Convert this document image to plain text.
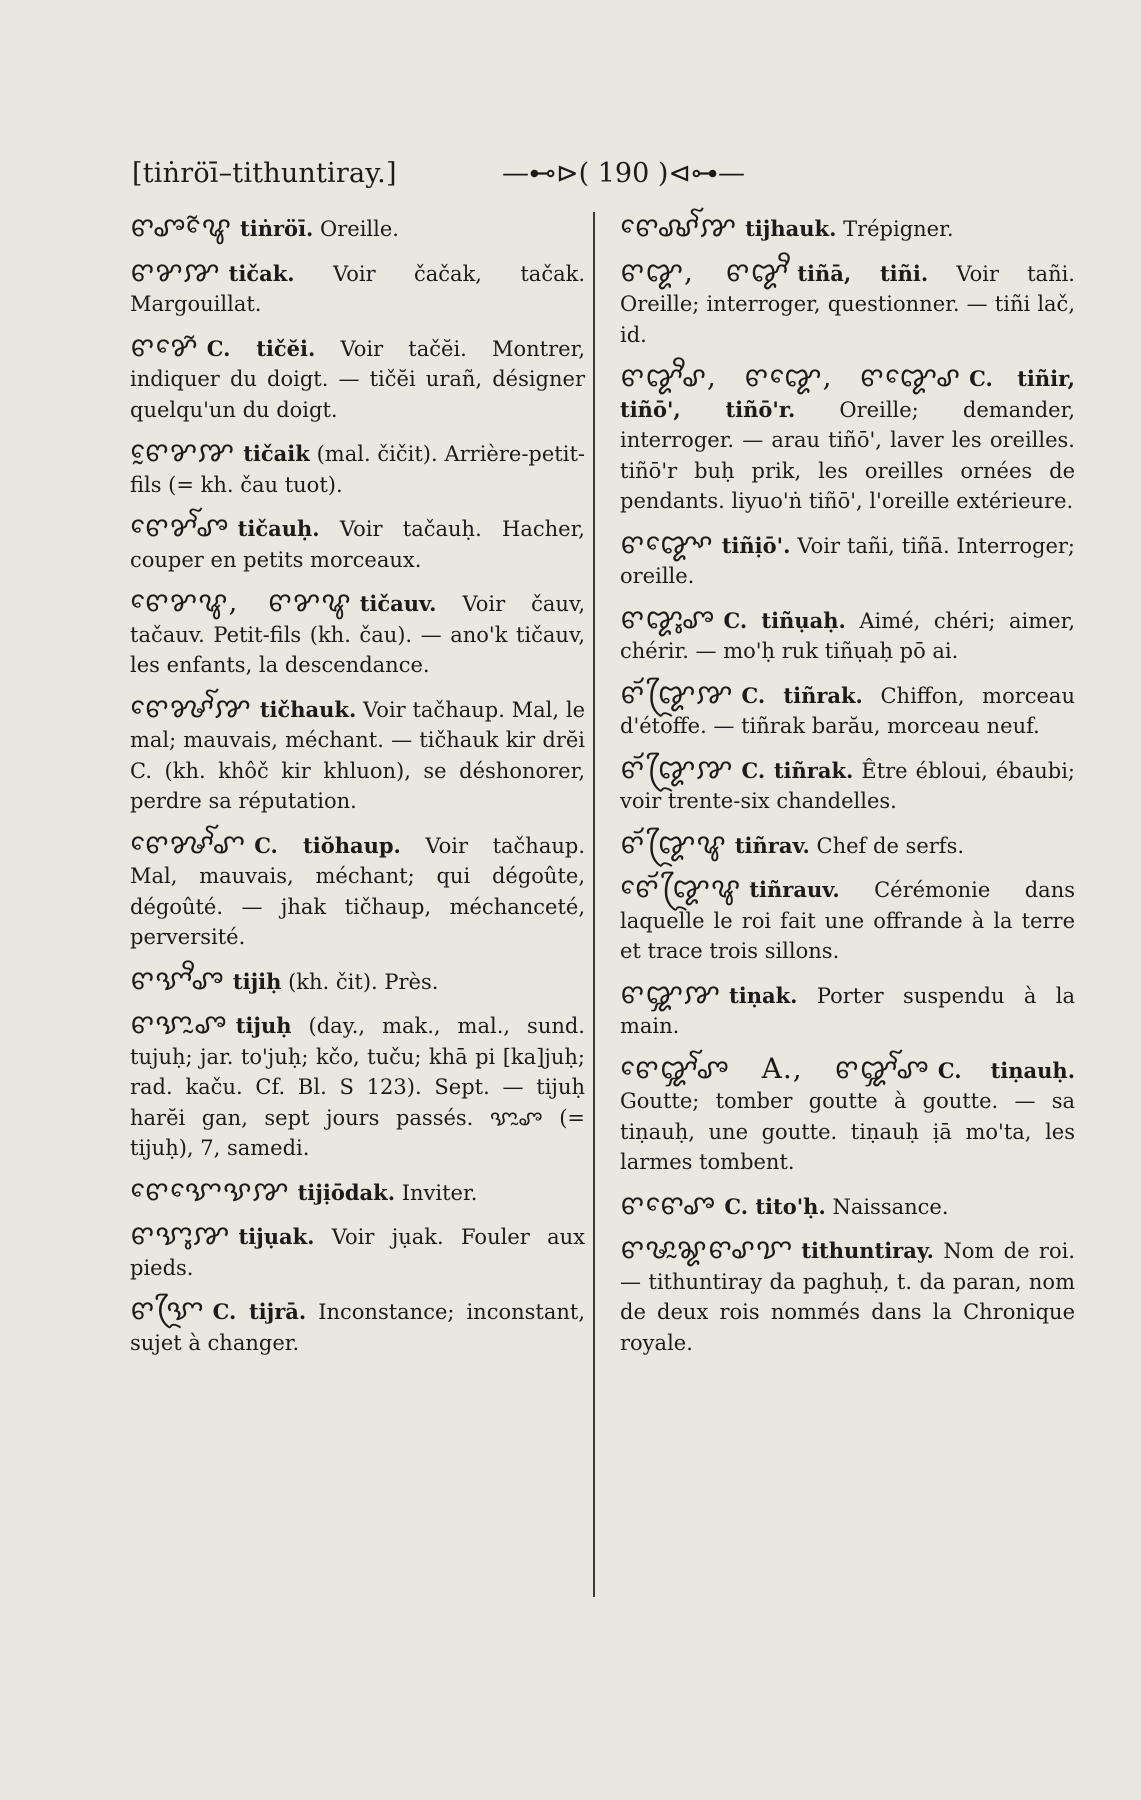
[tiṅröī–tithuntiray.]	—⊷⊳( 190 )⊲⊶—

ꨓꨨ̃ꨯꨥ tiṅröī. Oreille.

ꨓꨌꨇ tičak. Voir čačak, tačak. Margouillat.

ꨓꨌꨯ̃ C. tičĕi. Voir tačĕi. Montrer, indiquer du doigt. — tičĕi urañ, désigner quelqu'un du doigt.

ꨓꨰꨌꨇ tičaik (mal. čičit). Arrière-petit-fils (= kh. čau tuot).

ꨓꨯꨌꨱꨨ tičauḥ. Voir tačauḥ. Hacher, couper en petits morceaux.

ꨓꨯꨌꨥ, ꨓꨌꨥ tičauv. Voir čauv, tačauv. Petit-fils (kh. čau). — ano'k tičauv, les enfants, la descendance.

ꨓꨯꨍꨱꨇ tičhauk. Voir tačhaup. Mal, le mal; mauvais, méchant. — tičhauk kir drĕi C. (kh. khôč kir khluon), se déshonorer, perdre sa réputation.

ꨓꨯꨍꨱꨚ C. tiŏhaup. Voir tačhaup. Mal, mauvais, méchant; qui dégoûte, dégoûté. — jhak tičhaup, méchanceté, perversité.

ꨓꨎꨪꨨ tijiḥ (kh. čit). Près.

ꨓꨎꨭꨨ tijuḥ (day., mak., mal., sund. tujuḥ; jar. to'juḥ; kčo, tuču; khā pi [ka]juḥ; rad. kaču. Cf. Bl. S 123). Sept. — tijuḥ harĕi gan, sept jours passés. ꨎꨭꨨ (= tijuḥ), 7, samedi.

ꨓꨯꨎꨯꨕꨇ tijịōdak. Inviter.

ꨓꨎꨶꨇ tijụak. Voir jụak. Fouler aux pieds.

ꨓꨎꨴ C. tijrā. Inconstance; inconstant, sujet à changer.

ꨓꨯꨏꨱꨇ tijhauk. Trépigner.

ꨓꨑ, ꨓꨑꨪ tiñā, tiñi. Voir tañi. Oreille; interroger, questionner. — tiñi lač, id.

ꨓꨑꨪꨣ, ꨓꨑꨯ, ꨓꨑꨯꨣ C. tiñir, tiñō', tiñō'r. Oreille; demander, interroger. — arau tiñō', laver les oreilles. tiñō'r buḥ prik, les oreilles ornées de pendants. liyuo'ṅ tiñō', l'oreille extérieure.

ꨓꨑꨳꨯ tiñịō'. Voir tañi, tiñā. Interroger; oreille.

ꨓꨑꨶꨨ C. tiñụaḥ. Aimé, chéri; aimer, chérir. — mo'ḥ ruk tiñụaḥ pō ai.

ꨓꨮꨑꨴꨇ C. tiñrak. Chiffon, morceau d'étoffe. — tiñrak barău, morceau neuf.

ꨓꨮꨑꨴꨇ C. tiñrak. Être ébloui, ébaubi; voir trente-six chandelles.

ꨓꨮꨑꨴꨥ tiñrav. Chef de serfs.

ꨓꨯꨮꨑꨴꨥ tiñrauv. Cérémonie dans laquelle le roi fait une offrande à la terre et trace trois sillons.

ꨓꨒꨇ tiṇak. Porter suspendu à la main.

ꨓꨯꨒꨱꨨ A., ꨓꨒꨱꨨ C. tiṇauḥ. Goutte; tomber goutte à goutte. — sa tiṇauḥ, une goutte. tiṇauḥ ịā mo'ta, les larmes tombent.

ꨓꨓꨯꨨ C. tito'ḥ. Naissance.

ꨓꨔꨭꨘꨓꨣꨢ tithuntiray. Nom de roi. — tithuntiray da paghuḥ, t. da paran, nom de deux rois nommés dans la Chronique royale.
